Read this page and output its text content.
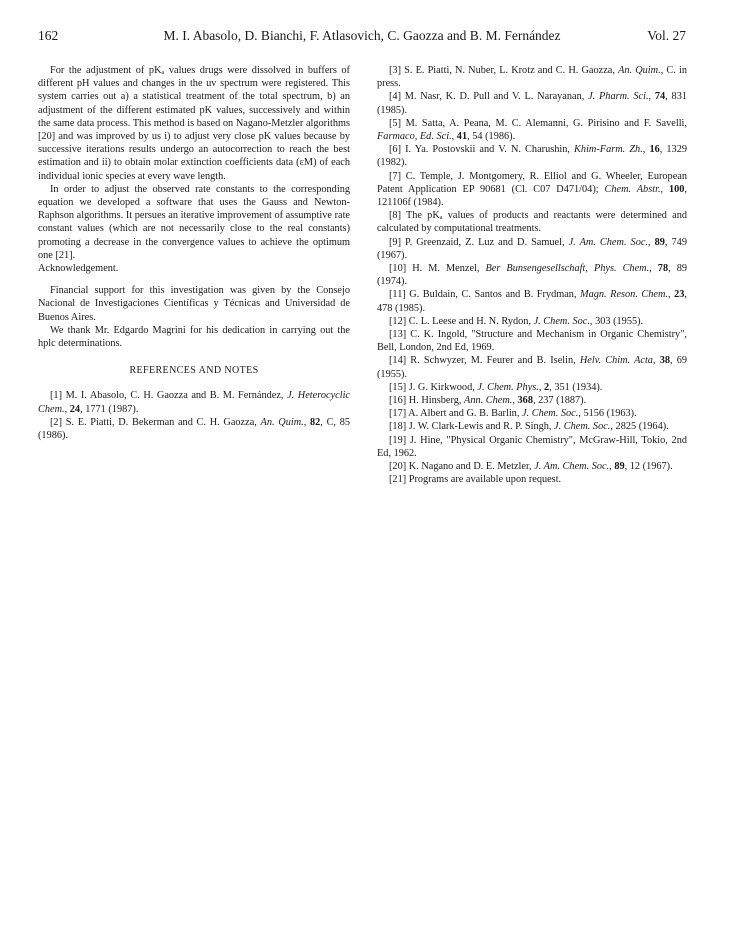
162	M. I. Abasolo, D. Bianchi, F. Atlasovich, C. Gaozza and B. M. Fernández	Vol. 27

For the adjustment of pKₐ values drugs were dissolved in buffers of different pH values and changes in the uv spectrum were registered. This system carries out a) a statistical treatment of the total spectrum, b) an adjustment of the different estimated pK values, successively and within the same data process. This method is based on Nagano-Metzler algorithms [20] and was improved by us i) to adjust very close pK values because by successive iterations results undergo an autocorrection to reach the best estimation and ii) to obtain molar extinction coefficients data (εM) of each individual ionic species at every wave length.

In order to adjust the observed rate constants to the corresponding equation we developed a software that uses the Gauss and Newton-Raphson algorithms. It persues an iterative improvement of assumptive rate constant values (which are not necessarily close to the real constants) promoting a decrease in the convergence values to achieve the optimum one [21].

Acknowledgement.

Financial support for this investigation was given by the Consejo Nacional de Investigaciones Científicas y Técnicas and Universidad de Buenos Aires.

We thank Mr. Edgardo Magrini for his dedication in carrying out the hplc determinations.

REFERENCES AND NOTES

[1] M. I. Abasolo, C. H. Gaozza and B. M. Fernández, J. Heterocyclic Chem., 24, 1771 (1987).

[2] S. E. Piatti, D. Bekerman and C. H. Gaozza, An. Quim., 82, C, 85 (1986).

[3] S. E. Piatti, N. Nuber, L. Krotz and C. H. Gaozza, An. Quim., C. in press.

[4] M. Nasr, K. D. Pull and V. L. Narayanan, J. Pharm. Sci., 74, 831 (1985).

[5] M. Satta, A. Peana, M. C. Alemanni, G. Pirisino and F. Savelli, Farmaco, Ed. Sci., 41, 54 (1986).

[6] I. Ya. Postovskii and V. N. Charushin, Khim-Farm. Zh., 16, 1329 (1982).

[7] C. Temple, J. Montgomery, R. Elliol and G. Wheeler, European Patent Application EP 90681 (Cl. C07 D471/04); Chem. Abstr., 100, 121106f (1984).

[8] The pKₐ values of products and reactants were determined and calculated by computational treatments.

[9] P. Greenzaid, Z. Luz and D. Samuel, J. Am. Chem. Soc., 89, 749 (1967).

[10] H. M. Menzel, Ber Bunsengesellschaft, Phys. Chem., 78, 89 (1974).

[11] G. Buldain, C. Santos and B. Frydman, Magn. Reson. Chem., 23, 478 (1985).

[12] C. L. Leese and H. N. Rydon, J. Chem. Soc., 303 (1955).

[13] C. K. Ingold, "Structure and Mechanism in Organic Chemistry", Bell, London, 2nd Ed, 1969.

[14] R. Schwyzer, M. Feurer and B. Iselin, Helv. Chim. Acta, 38, 69 (1955).

[15] J. G. Kirkwood, J. Chem. Phys., 2, 351 (1934).

[16] H. Hinsberg, Ann. Chem., 368, 237 (1887).

[17] A. Albert and G. B. Barlin, J. Chem. Soc., 5156 (1963).

[18] J. W. Clark-Lewis and R. P. Singh, J. Chem. Soc., 2825 (1964).

[19] J. Hine, "Physical Organic Chemistry", McGraw-Hill, Tokio, 2nd Ed, 1962.

[20] K. Nagano and D. E. Metzler, J. Am. Chem. Soc., 89, 12 (1967).

[21] Programs are available upon request.
